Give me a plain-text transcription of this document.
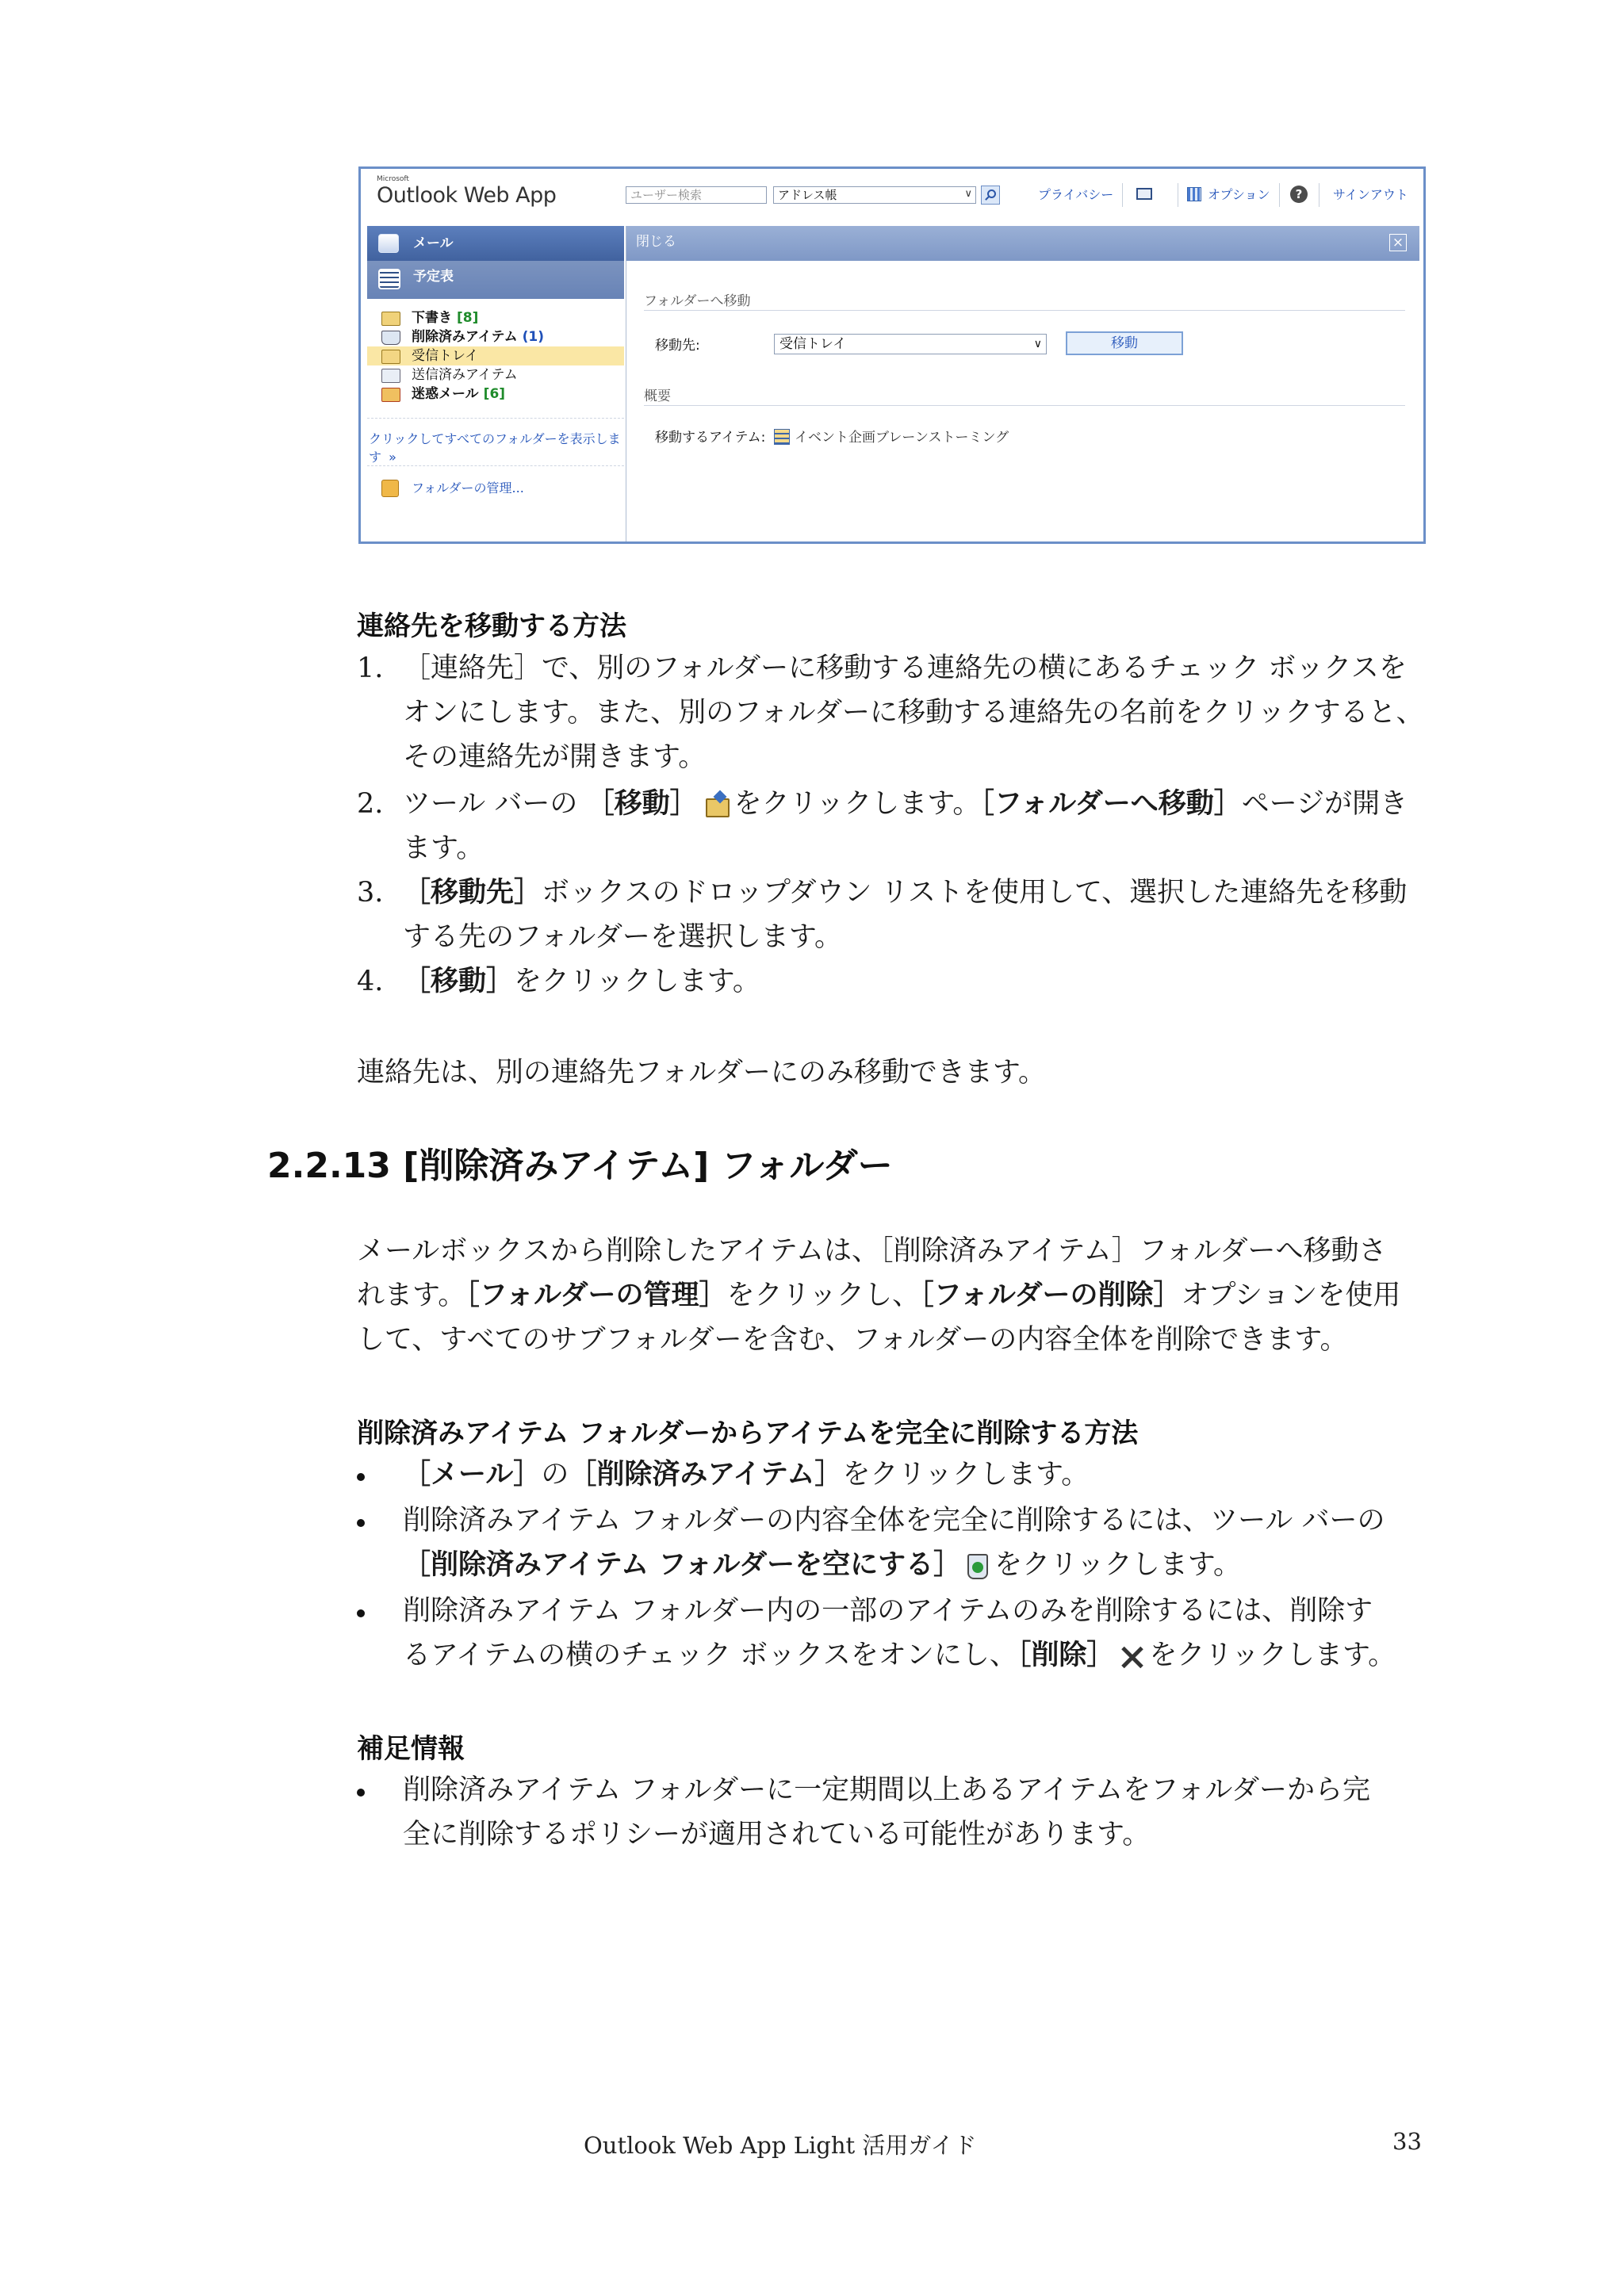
Microsoft
Outlook Web App	ユーザー検索	アドレス帳	∨	プライバシー	オプション	?	サインアウト
メール
予定表
..........
下書き [8]
削除済みアイテム (1)
受信トレイ
送信済みアイテム
迷惑メール [6]
クリックしてすべてのフォルダーを表示します »
フォルダーの管理...
閉じる	×
フォルダーへ移動
移動先:	受信トレイ	∨	移動
概要
移動するアイテム: イベント企画ブレーンストーミング
連絡先を移動する方法
1. ［連絡先］で、別のフォルダーに移動する連絡先の横にあるチェック ボックスを
オンにします。また、別のフォルダーに移動する連絡先の名前をクリックすると、
その連絡先が開きます。
2. ツール バーの ［移動］ をクリックします。［フォルダーへ移動］ページが開き
ます。
3. ［移動先］ボックスのドロップダウン リストを使用して、選択した連絡先を移動
する先のフォルダーを選択します。
4. ［移動］をクリックします。
連絡先は、別の連絡先フォルダーにのみ移動できます。
2.2.13 [削除済みアイテム] フォルダー
メールボックスから削除したアイテムは、［削除済みアイテム］フォルダーへ移動さ
れます。［フォルダーの管理］をクリックし、［フォルダーの削除］オプションを使用
して、すべてのサブフォルダーを含む、フォルダーの内容全体を削除できます。
削除済みアイテム フォルダーからアイテムを完全に削除する方法
［メール］の［削除済みアイテム］をクリックします。
削除済みアイテム フォルダーの内容全体を完全に削除するには、ツール バーの
［削除済みアイテム フォルダーを空にする］ をクリックします。
削除済みアイテム フォルダー内の一部のアイテムのみを削除するには、削除す
るアイテムの横のチェック ボックスをオンにし、［削除］ をクリックします。
補足情報
削除済みアイテム フォルダーに一定期間以上あるアイテムをフォルダーから完
全に削除するポリシーが適用されている可能性があります。
Outlook Web App Light 活用ガイド	33
